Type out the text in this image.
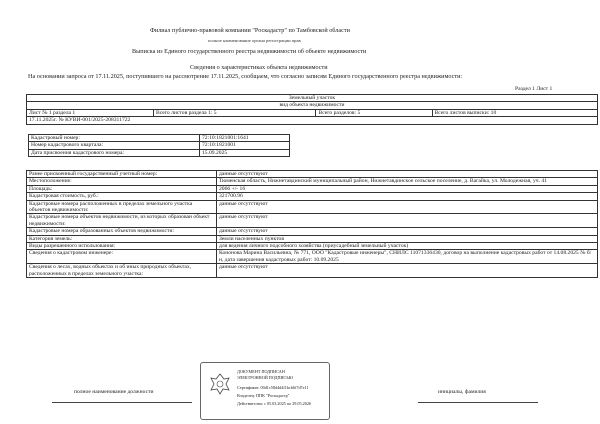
Филиал публично-правовой компании "Роскадастр" по Тамбовской области
полное наименование органа регистрации прав
Выписка из Единого государственного реестра недвижимости об объекте недвижимости
Сведения о характеристиках объекта недвижимости
На основании запроса от 17.11.2025, поступившего на рассмотрение 17.11.2025, сообщаем, что согласно записям Единого государственного реестра недвижимости:
Раздел 1 Лист 1
Земельный участок
вид объекта недвижимости
Лист № 1 раздела 1	Всего листов раздела 1: 5	Всего разделов: 5	Всего листов выписки: 10
17.11.2025г. № КУВИ-001/2025-208311722
Кадастровый номер:	72:10:1821001:1641
Номер кадастрового квартала:	72:10:1821001
Дата присвоения кадастрового номера:	15.09.2025
Ранее присвоенный государственный учетный номер:	данные отсутствуют
Местоположение:	Тюменская область, Нижнетавдинский муниципальный район, Нижнетавдинское сельское поселение, д. Вагайка, ул. Молодежная, уч. 41
Площадь:	2066 +/- 16
Кадастровая стоимость, руб.:	321700.96
Кадастровые номера расположенных в пределах земельного участка объектов недвижимости:	данные отсутствуют
Кадастровые номера объектов недвижимости, из которых образован объект недвижимости:	данные отсутствуют
Кадастровые номера образованных объектов недвижимости:	данные отсутствуют
Категория земель:	Земли населенных пунктов
Виды разрешенного использования:	для ведения личного подсобного хозяйства (приусадебный земельный участок)
Сведения о кадастровом инженере:	Кононова Марина Васильевна, № 771, ООО "Кадастровые инженеры", СНИЛС 11071336430, договор на выполнение кадастровых работ от 14.08.2025 № б/н, дата завершения кадастровых работ: 10.09.2025
Сведения о лесах, водных объектах и об иных природных объектах, расположенных в пределах земельного участка:	данные отсутствуют
ДОКУМЕНТ ПОДПИСАН
ЭЛЕКТРОННОЙ ПОДПИСЬЮ
Сертификат: 00d1c58d4d4f1bcb6f7d7e11
Владелец: ППК "Роскадастр"
Действителен: с 05.03.2025 по 29.05.2026
полное наименование должности	инициалы, фамилия
